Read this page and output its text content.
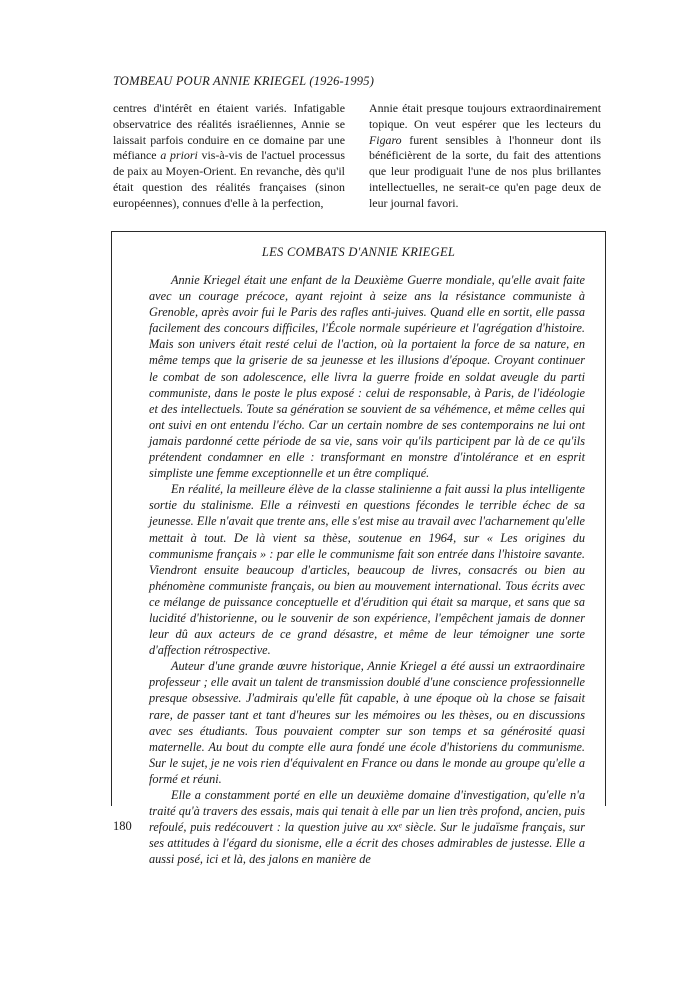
TOMBEAU POUR ANNIE KRIEGEL (1926-1995)

centres d'intérêt en étaient variés. Infatigable observatrice des réalités israéliennes, Annie se laissait parfois conduire en ce domaine par une méfiance a priori vis-à-vis de l'actuel processus de paix au Moyen-Orient. En revanche, dès qu'il était question des réalités françaises (sinon européennes), connues d'elle à la perfection,

Annie était presque toujours extraordinairement topique. On veut espérer que les lecteurs du Figaro furent sensibles à l'honneur dont ils bénéficièrent de la sorte, du fait des attentions que leur prodiguait l'une de nos plus brillantes intellectuelles, ne serait-ce qu'en page deux de leur journal favori.

LES COMBATS D'ANNIE KRIEGEL

Annie Kriegel était une enfant de la Deuxième Guerre mondiale, qu'elle avait faite avec un courage précoce, ayant rejoint à seize ans la résistance communiste à Grenoble, après avoir fui le Paris des rafles anti-juives. Quand elle en sortit, elle passa facilement des concours difficiles, l'École normale supérieure et l'agrégation d'histoire. Mais son univers était resté celui de l'action, où la portaient la force de sa nature, en même temps que la griserie de sa jeunesse et les illusions d'époque. Croyant continuer le combat de son adolescence, elle livra la guerre froide en soldat aveugle du parti communiste, dans le poste le plus exposé : celui de responsable, à Paris, de l'idéologie et des intellectuels. Toute sa génération se souvient de sa véhémence, et même celles qui ont suivi en ont entendu l'écho. Car un certain nombre de ses contemporains ne lui ont jamais pardonné cette période de sa vie, sans voir qu'ils participent par là de ce qu'ils prétendent condamner en elle : transformant en monstre d'intolérance et en esprit simpliste une femme exceptionnelle et un être compliqué.

En réalité, la meilleure élève de la classe stalinienne a fait aussi la plus intelligente sortie du stalinisme. Elle a réinvesti en questions fécondes le terrible échec de sa jeunesse. Elle n'avait que trente ans, elle s'est mise au travail avec l'acharnement qu'elle mettait à tout. De là vient sa thèse, soutenue en 1964, sur « Les origines du communisme français » : par elle le communisme fait son entrée dans l'histoire savante. Viendront ensuite beaucoup d'articles, beaucoup de livres, consacrés ou bien au phénomène communiste français, ou bien au mouvement international. Tous écrits avec ce mélange de puissance conceptuelle et d'érudition qui était sa marque, et sans que sa lucidité d'historienne, ou le souvenir de son expérience, l'empêchent jamais de donner leur dû aux acteurs de ce grand désastre, et même de leur témoigner une sorte d'affection rétrospective.

Auteur d'une grande œuvre historique, Annie Kriegel a été aussi un extraordinaire professeur ; elle avait un talent de transmission doublé d'une conscience professionnelle presque obsessive. J'admirais qu'elle fût capable, à une époque où la chose se faisait rare, de passer tant et tant d'heures sur les mémoires ou les thèses, ou en discussions avec ses étudiants. Tous pouvaient compter sur son temps et sa générosité quasi maternelle. Au bout du compte elle aura fondé une école d'historiens du communisme. Sur le sujet, je ne vois rien d'équivalent en France ou dans le monde au groupe qu'elle a formé et réuni.

Elle a constamment porté en elle un deuxième domaine d'investigation, qu'elle n'a traité qu'à travers des essais, mais qui tenait à elle par un lien très profond, ancien, puis refoulé, puis redécouvert : la question juive au xxᵉ siècle. Sur le judaïsme français, sur ses attitudes à l'égard du sionisme, elle a écrit des choses admirables de justesse. Elle a aussi posé, ici et là, des jalons en manière de

180
